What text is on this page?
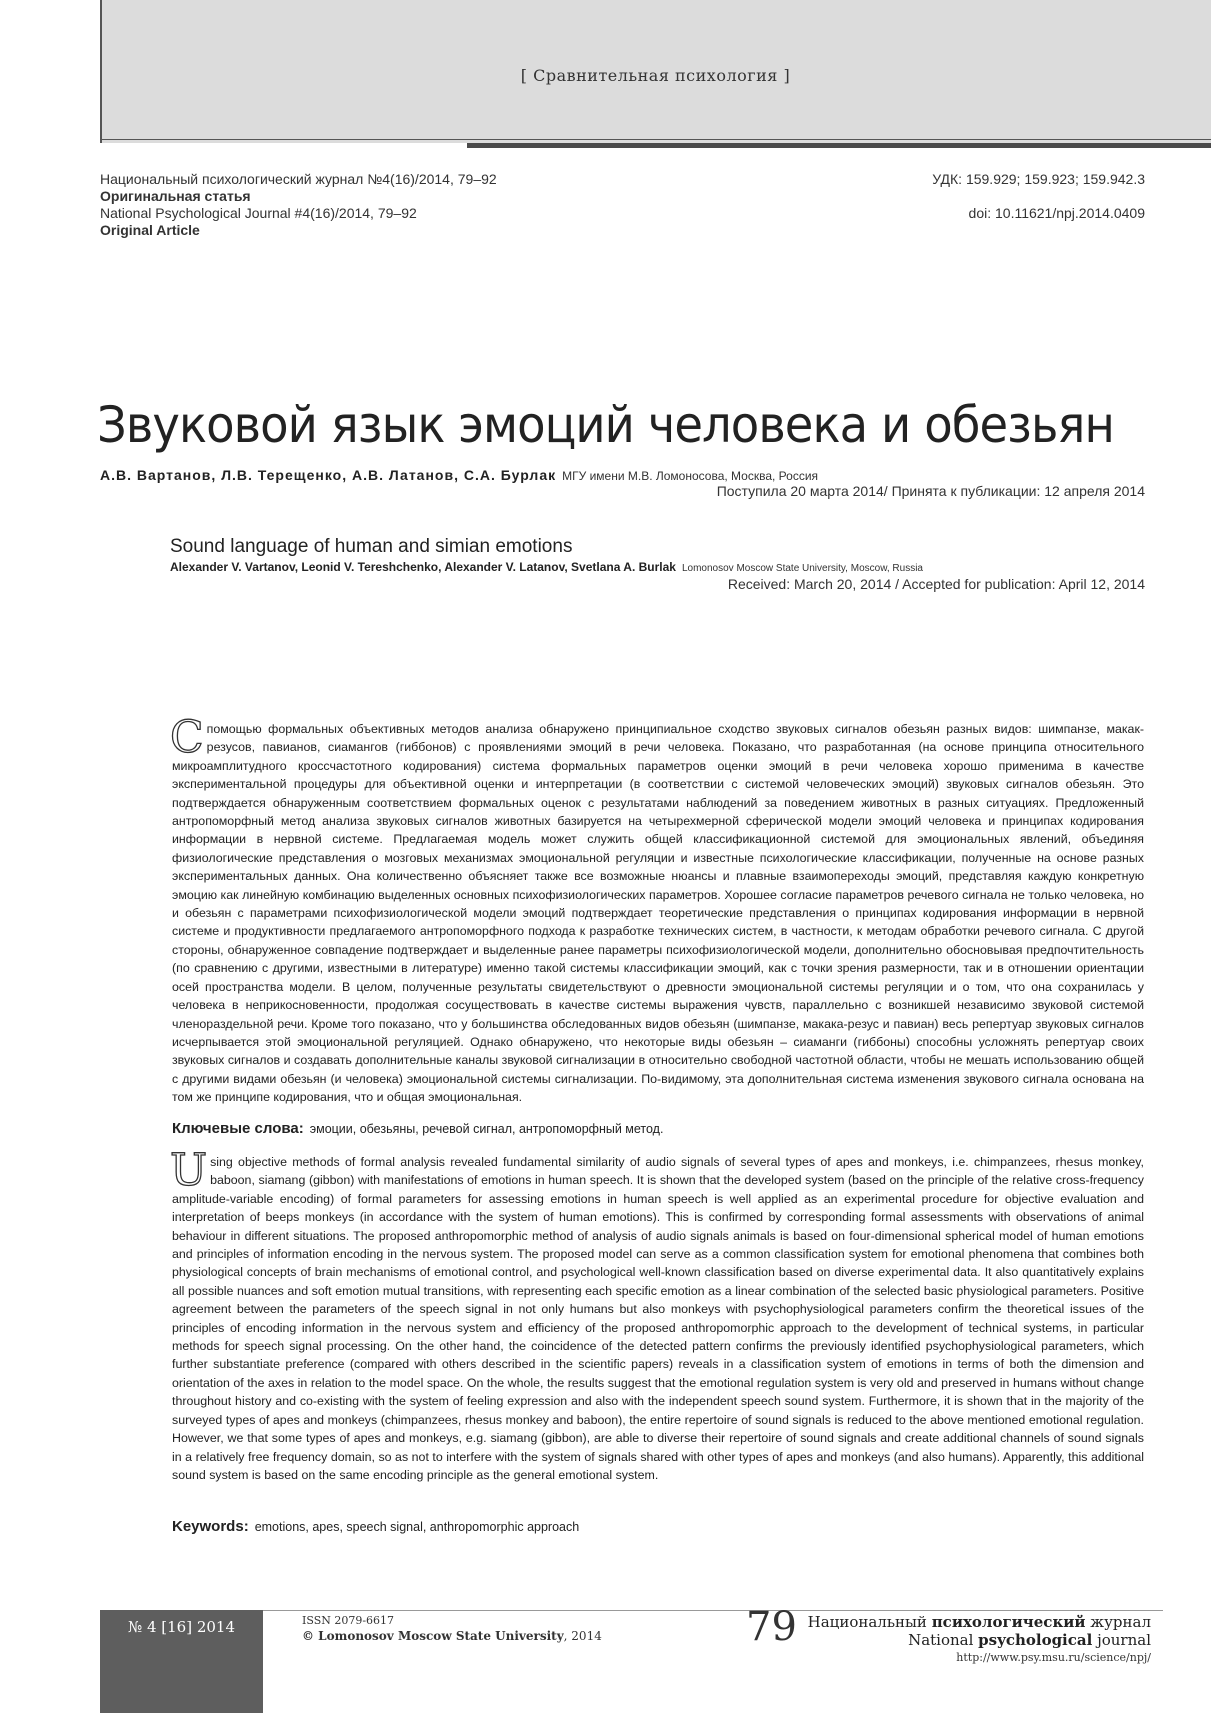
[ Сравнительная психология ]
Национальный психологический журнал №4(16)/2014, 79–92
Оригинальная статья
National Psychological Journal #4(16)/2014, 79–92
Original Article
УДК: 159.929; 159.923; 159.942.3
doi: 10.11621/npj.2014.0409
Звуковой язык эмоций человека и обезьян
А.В. Вартанов, Л.В. Терещенко, А.В. Латанов, С.А. Бурлак МГУ имени М.В. Ломоносова, Москва, Россия
Поступила 20 марта 2014/ Принята к публикации: 12 апреля 2014
Sound language of human and simian emotions
Alexander V. Vartanov, Leonid V. Tereshchenko, Alexander V. Latanov, Svetlana A. Burlak Lomonosov Moscow State University, Moscow, Russia
Received: March 20, 2014 / Accepted for publication: April 12, 2014
С помощью формальных объективных методов анализа обнаружено принципиальное сходство звуковых сигналов обезьян разных видов: шимпанзе, макак-резусов, павианов, сиамангов (гиббонов) с проявлениями эмоций в речи человека. Показано, что разработанная (на основе принципа относительного микроамплитудного кроссчастотного кодирования) система формальных параметров оценки эмоций в речи человека хорошо применима в качестве экспериментальной процедуры для объективной оценки и интерпретации (в соответствии с системой человеческих эмоций) звуковых сигналов обезьян. Это подтверждается обнаруженным соответствием формальных оценок с результатами наблюдений за поведением животных в разных ситуациях. Предложенный антропоморфный метод анализа звуковых сигналов животных базируется на четырехмерной сферической модели эмоций человека и принципах кодирования информации в нервной системе. Предлагаемая модель может служить общей классификационной системой для эмоциональных явлений, объединяя физиологические представления о мозговых механизмах эмоциональной регуляции и известные психологические классификации, полученные на основе разных экспериментальных данных. Она количественно объясняет также все возможные нюансы и плавные взаимопереходы эмоций, представляя каждую конкретную эмоцию как линейную комбинацию выделенных основных психофизиологических параметров. Хорошее согласие параметров речевого сигнала не только человека, но и обезьян с параметрами психофизиологической модели эмоций подтверждает теоретические представления о принципах кодирования информации в нервной системе и продуктивности предлагаемого антропоморфного подхода к разработке технических систем, в частности, к методам обработки речевого сигнала. С другой стороны, обнаруженное совпадение подтверждает и выделенные ранее параметры психофизиологической модели, дополнительно обосновывая предпочтительность (по сравнению с другими, известными в литературе) именно такой системы классификации эмоций, как с точки зрения размерности, так и в отношении ориентации осей пространства модели. В целом, полученные результаты свидетельствуют о древности эмоциональной системы регуляции и о том, что она сохранилась у человека в неприкосновенности, продолжая сосуществовать в качестве системы выражения чувств, параллельно с возникшей независимо звуковой системой членораздельной речи. Кроме того показано, что у большинства обследованных видов обезьян (шимпанзе, макака-резус и павиан) весь репертуар звуковых сигналов исчерпывается этой эмоциональной регуляцией. Однако обнаружено, что некоторые виды обезьян – сиаманги (гиббоны) способны усложнять репертуар своих звуковых сигналов и создавать дополнительные каналы звуковой сигнализации в относительно свободной частотной области, чтобы не мешать использованию общей с другими видами обезьян (и человека) эмоциональной системы сигнализации. По-видимому, эта дополнительная система изменения звукового сигнала основана на том же принципе кодирования, что и общая эмоциональная.
Ключевые слова: эмоции, обезьяны, речевой сигнал, антропоморфный метод.
Using objective methods of formal analysis revealed fundamental similarity of audio signals of several types of apes and monkeys, i.e. chimpanzees, rhesus monkey, baboon, siamang (gibbon) with manifestations of emotions in human speech. It is shown that the developed system (based on the principle of the relative cross-frequency amplitude-variable encoding) of formal parameters for assessing emotions in human speech is well applied as an experimental procedure for objective evaluation and interpretation of beeps monkeys (in accordance with the system of human emotions). This is confirmed by corresponding formal assessments with observations of animal behaviour in different situations. The proposed anthropomorphic method of analysis of audio signals animals is based on four-dimensional spherical model of human emotions and principles of information encoding in the nervous system. The proposed model can serve as a common classification system for emotional phenomena that combines both physiological concepts of brain mechanisms of emotional control, and psychological well-known classification based on diverse experimental data. It also quantitatively explains all possible nuances and soft emotion mutual transitions, with representing each specific emotion as a linear combination of the selected basic physiological parameters. Positive agreement between the parameters of the speech signal in not only humans but also monkeys with psychophysiological parameters confirm the theoretical issues of the principles of encoding information in the nervous system and efficiency of the proposed anthropomorphic approach to the development of technical systems, in particular methods for speech signal processing. On the other hand, the coincidence of the detected pattern confirms the previously identified psychophysiological parameters, which further substantiate preference (compared with others described in the scientific papers) reveals in a classification system of emotions in terms of both the dimension and orientation of the axes in relation to the model space. On the whole, the results suggest that the emotional regulation system is very old and preserved in humans without change throughout history and co-existing with the system of feeling expression and also with the independent speech sound system. Furthermore, it is shown that in the majority of the surveyed types of apes and monkeys (chimpanzees, rhesus monkey and baboon), the entire repertoire of sound signals is reduced to the above mentioned emotional regulation. However, we that some types of apes and monkeys, e.g. siamang (gibbon), are able to diverse their repertoire of sound signals and create additional channels of sound signals in a relatively free frequency domain, so as not to interfere with the system of signals shared with other types of apes and monkeys (and also humans). Apparently, this additional sound system is based on the same encoding principle as the general emotional system.
Keywords: emotions, apes, speech signal, anthropomorphic approach
№ 4 [16] 2014	ISSN 2079-6617
© Lomonosov Moscow State University, 2014	79 Национальный психологический журнал
National psychological journal
http://www.psy.msu.ru/science/npj/
